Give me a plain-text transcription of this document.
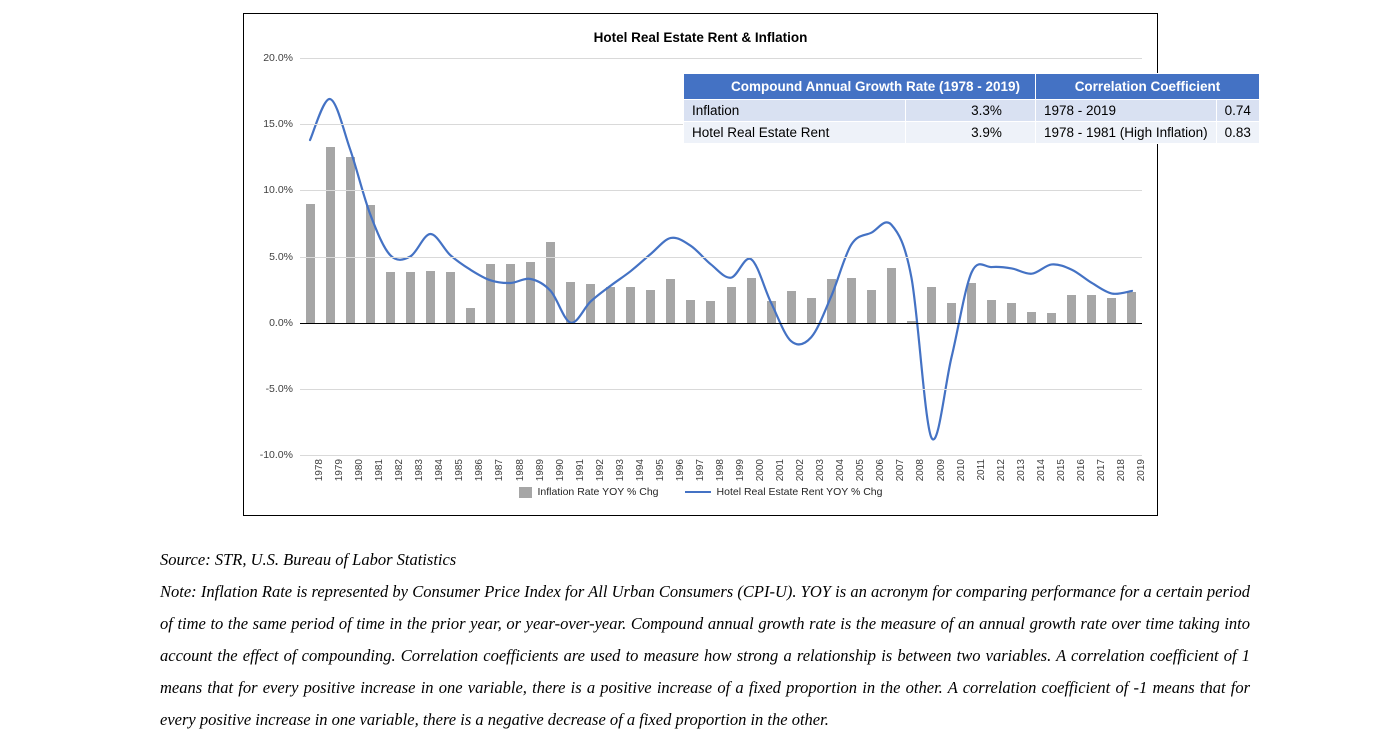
Hotel Real Estate Rent & Inflation
20.0%
15.0%
10.0%
5.0%
0.0%
-5.0%
-10.0%
1978 1979 1980 1981 1982 1983 1984 1985 1986 1987 1988 1989 1990 1991 1992 1993 1994 1995 1996 1997 1998 1999 2000 2001 2002 2003 2004 2005 2006 2007 2008 2009 2010 2011 2012 2013 2014 2015 2016 2017 2018 2019
Inflation Rate YOY % Chg	Hotel Real Estate Rent YOY % Chg
Compound Annual Growth Rate (1978 - 2019)	
Inflation	3.3%
Hotel Real Estate Rent	3.9%
Correlation Coefficient	
1978 - 2019	0.74
1978 - 1981 (High Inflation)	0.83

Source: STR, U.S. Bureau of Labor Statistics

Note: Inflation Rate is represented by Consumer Price Index for All Urban Consumers (CPI-U). YOY is an acronym for comparing performance for a certain period of time to the same period of time in the prior year, or year-over-year. Compound annual growth rate is the measure of an annual growth rate over time taking into account the effect of compounding. Correlation coefficients are used to measure how strong a relationship is between two variables. A correlation coefficient of 1 means that for every positive increase in one variable, there is a positive increase of a fixed proportion in the other. A correlation coefficient of -1 means that for every positive increase in one variable, there is a negative decrease of a fixed proportion in the other.
